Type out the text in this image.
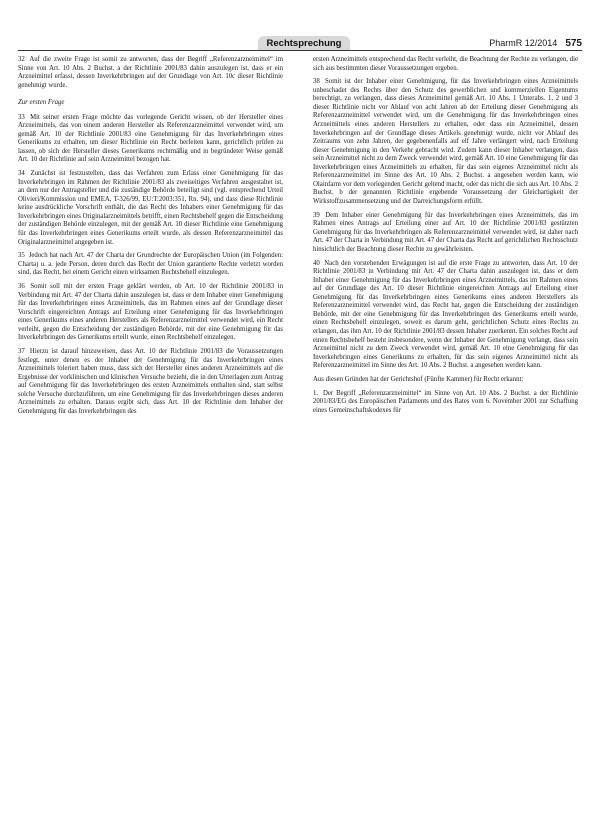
Rechtsprechung	PharmR 12/2014 575

32 Auf die zweite Frage ist somit zu antworten, dass der Begriff „Referenzarzneimittel“ im Sinne von Art. 10 Abs. 2 Buchst. a der Richtlinie 2001/83 dahin auszulegen ist, dass er ein Arzneimittel erfasst, dessen Inverkehrbringen auf der Grundlage von Art. 10c dieser Richtlinie genehmigt wurde.

Zur ersten Frage

33 Mit seiner ersten Frage möchte das vorlegende Gericht wissen, ob der Hersteller eines Arzneimittels, das von einem anderen Hersteller als Referenzarzneimittel verwendet wird, um gemäß Art. 10 der Richtlinie 2001/83 eine Genehmigung für das Inverkehrbringen eines Generikums zu erhalten, um dieser Richtlinie ein Recht herleiten kann, gerichtlich prüfen zu lassen, ob sich der Hersteller dieses Generikums rechtmäßig und in begründeter Weise gemäß Art. 10 der Richtlinie auf sein Arzneimittel bezogen hat.

34 Zunächst ist festzustellen, dass das Verfahren zum Erlass einer Genehmigung für das Inverkehrbringen im Rahmen der Richtlinie 2001/83 als zweiseitiges Verfahren ausgestaltet ist, an dem nur der Antragsteller und die zuständige Behörde beteiligt sind (vgl. entsprechend Urteil Olivieri/Kommission und EMEA, T-326/99, EU:T:2003:351, Rn. 94), und dass diese Richtlinie keine ausdrückliche Vorschrift enthält, die das Recht des Inhabers einer Genehmigung für das Inverkehrbringen eines Originalarzneimittels betrifft, einen Rechtsbehelf gegen die Entscheidung der zuständigen Behörde einzulegen, mit der gemäß Art. 10 dieser Richtlinie eine Genehmigung für das Inverkehrbringen eines Generikums erteilt wurde, als dessen Referenzarzneimittel das Originalarzneimittel angegeben ist.

35 Jedoch hat nach Art. 47 der Charta der Grundrechte der Europäischen Union (im Folgenden: Charta) u. a. jede Person, deren durch das Recht der Union garantierte Rechte verletzt worden sind, das Recht, bei einem Gericht einen wirksamen Rechtsbehelf einzulegen.

36 Somit soll mit der ersten Frage geklärt werden, ob Art. 10 der Richtlinie 2001/83 in Verbindung mit Art. 47 der Charta dahin auszulegen ist, dass er dem Inhaber einer Genehmigung für das Inverkehrbringen eines Arzneimittels, das im Rahmen eines auf der Grundlage dieser Vorschrift eingereichten Antrags auf Erteilung einer Genehmigung für das Inverkehrbringen eines Generikums eines anderen Herstellers als Referenzarzneimittel verwendet wird, ein Recht verleiht, gegen die Entscheidung der zuständigen Behörde, mit der eine Genehmigung für das Inverkehrbringen des Generikums erteilt wurde, einen Rechtsbehelf einzulegen.

37 Hierzu ist darauf hinzuweisen, dass Art. 10 der Richtlinie 2001/83 die Voraussetzungen festlegt, unter denen es der Inhaber der Genehmigung für das Inverkehrbringen eines Arzneimittels toleriert haben muss, dass sich der Hersteller eines anderen Arzneimittels auf die Ergebnisse der vorklinischen und klinischen Versuche bezieht, die in den Unterlagen zum Antrag auf Genehmigung für das Inverkehrbringen des ersten Arzneimittels enthalten sind, statt selbst solche Versuche durchzuführen, um eine Genehmigung für das Inverkehrbringen dieses anderen Arzneimittels zu erhalten. Daraus ergibt sich, dass Art. 10 der Richtlinie dem Inhaber der Genehmigung für das Inverkehrbringen des

ersten Arzneimittels entsprechend das Recht verleiht, die Beachtung der Rechte zu verlangen, die sich aus bestimmten dieser Voraussetzungen ergeben.

38 Somit ist der Inhaber einer Genehmigung, für das Inverkehrbringen eines Arzneimittels unbeschadet des Rechts über den Schutz des gewerblichen und kommerziellen Eigentums berechtigt, zu verlangen, dass dieses Arzneimittel gemäß Art. 10 Abs. 1 Unterabs. 1, 2 und 3 dieser Richtlinie nicht vor Ablauf von acht Jahren ab der Erteilung dieser Genehmigung als Referenzarzneimittel verwendet wird, um die Genehmigung für das Inverkehrbringen eines Arzneimittels eines anderen Herstellers zu erhalten, oder dass ein Arzneimittel, dessen Inverkehrbringen auf der Grundlage dieses Artikels genehmigt wurde, nicht vor Ablauf des Zeitraums von zehn Jahren, der gegebenenfalls auf elf Jahre verlängert wird, nach Erteilung dieser Genehmigung in den Verkehr gebracht wird. Zudem kann dieser Inhaber verlangen, dass sein Arzneimittel nicht zu dem Zweck verwendet wird, gemäß Art. 10 eine Genehmigung für das Inverkehrbringen eines Arzneimittels zu erhalten, für das sein eigenes Arzneimittel nicht als Referenzarzneimittel im Sinne des Art. 10 Abs. 2 Buchst. a angesehen werden kann, wie Olainfarm vor dem vorlegenden Gericht geltend macht, oder das nicht die sich aus Art. 10 Abs. 2 Buchst. b der genannten Richtlinie ergebende Voraussetzung der Gleichartigkeit der Wirkstoffzusammensetzung und der Darreichungsform erfüllt.

39 Dem Inhaber einer Genehmigung für das Inverkehrbringen eines Arzneimittels, das im Rahmen eines Antrags auf Erteilung einer auf Art. 10 der Richtlinie 2001/83 gestützten Genehmigung für das Inverkehrbringen als Referenzarzneimittel verwendet wird, ist daher nach Art. 47 der Charta in Verbindung mit Art. 47 der Charta das Recht auf gerichtlichen Rechtsschutz hinsichtlich der Beachtung dieser Rechte zu gewährleisten.

40 Nach den vorstehenden Erwägungen ist auf die erste Frage zu antworten, dass Art. 10 der Richtlinie 2001/83 in Verbindung mit Art. 47 der Charta dahin auszulegen ist, dass er dem Inhaber einer Genehmigung für das Inverkehrbringen eines Arzneimittels, das im Rahmen eines auf der Grundlage des Art. 10 dieser Richtlinie eingereichten Antrags auf Erteilung einer Genehmigung für das Inverkehrbringen eines Generikums eines anderen Herstellers als Referenzarzneimittel verwendet wird, das Recht hat, gegen die Entscheidung der zuständigen Behörde, mit der eine Genehmigung für das Inverkehrbringen des Generikums erteilt wurde, einen Rechtsbehelf einzulegen, soweit es darum geht, gerichtlichen Schutz eines Rechts zu erlangen, das ihm Art. 10 der Richtlinie 2001/83 dessen Inhaber zuerkennt. Ein solches Recht auf einen Rechtsbehelf besteht insbesondere, wenn der Inhaber der Genehmigung verlangt, dass sein Arzneimittel nicht zu dem Zweck verwendet wird, gemäß Art. 10 eine Genehmigung für das Inverkehrbringen eines Generikums zu erhalten, für das sein eigenes Arzneimittel nicht als Referenzarzneimittel im Sinne des Art. 10 Abs. 2 Buchst. a angesehen werden kann.

Aus diesen Gründen hat der Gerichtshof (Fünfte Kammer) für Recht erkannt:

1. Der Begriff „Referenzarzneimittel“ im Sinne von Art. 10 Abs. 2 Buchst. a der Richtlinie 2001/83/EG des Europäischen Parlaments und des Rates vom 6. November 2001 zur Schaffung eines Gemeinschaftskodexes für
